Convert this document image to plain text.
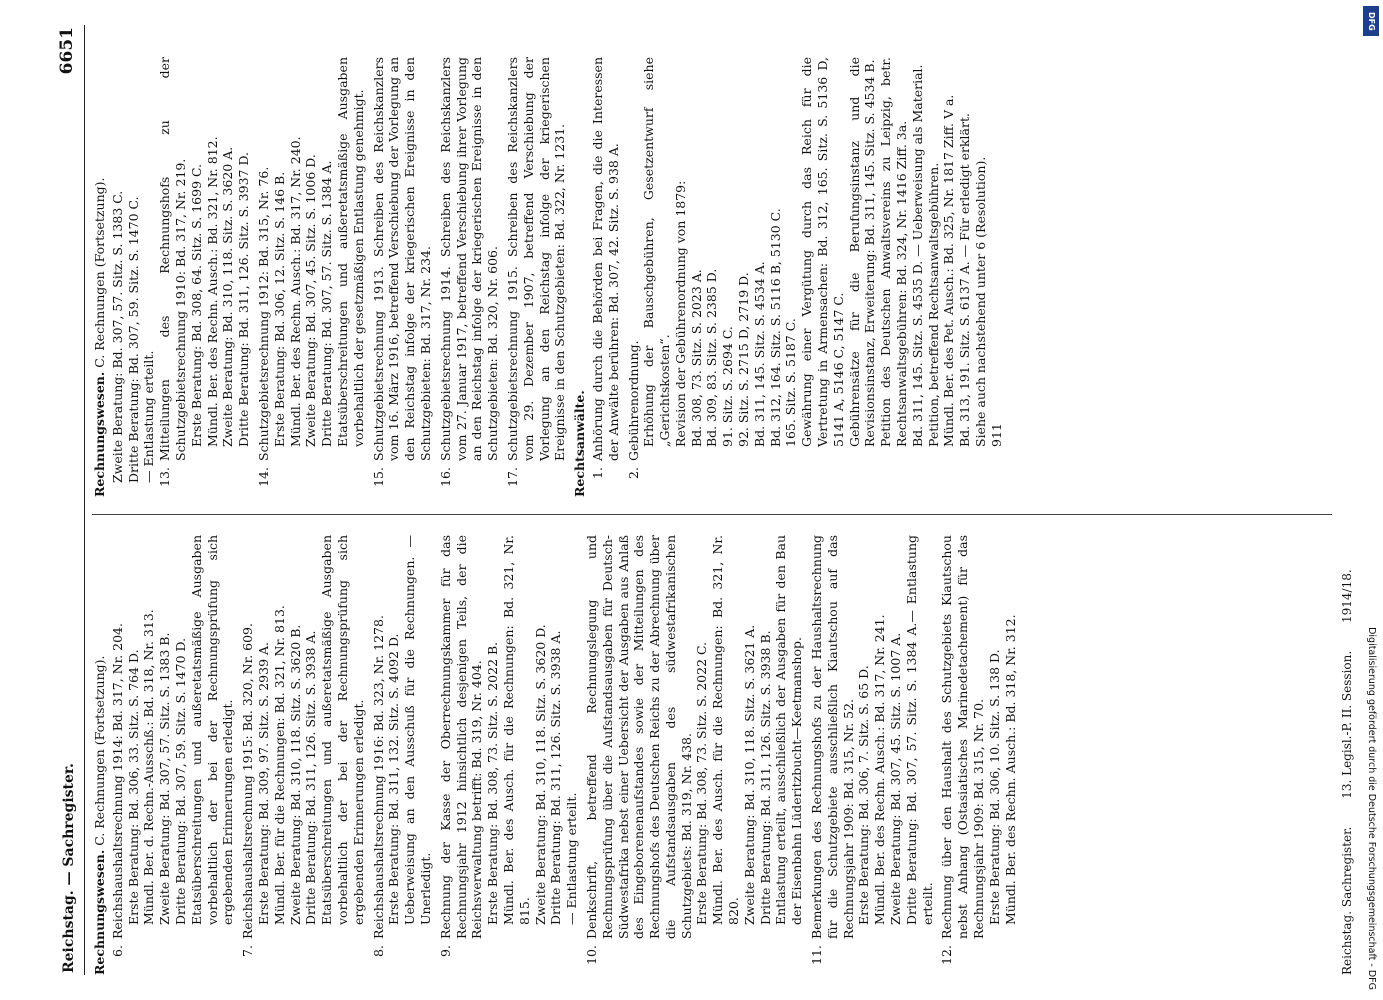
Reichstag. — Sachregister.
6651
Rechnungswesen. C. Rechnungen (Fortsetzung).
6.
Reichshaushaltsrechnung 1914: Bd. 317, Nr. 204. Erste Beratung: Bd. 306, 33. Sitz. S. 764 D. Mündl. Ber. d. Rechn.-Ausschß.: Bd. 318, Nr. 313. Zweite Beratung: Bd. 307, 57. Sitz. S. 1383 B. Dritte Beratung: Bd. 307, 59. Sitz. S. 1470 D. Etatsüberschreitungen und außeretatsmäßige Ausgaben vorbehaltlich der bei der Rechnungsprüfung sich ergebenden Erinnerungen erledigt.
7.
Reichshaushaltsrechnung 1915: Bd. 320, Nr. 609. Erste Beratung: Bd. 309, 97. Sitz. S. 2939 A. Mündl. Ber. für die Rechnungen: Bd. 321, Nr. 813. Zweite Beratung: Bd. 310, 118. Sitz. S. 3620 B. Dritte Beratung: Bd. 311, 126. Sitz. S. 3938 A. Etatsüberschreitungen und außeretatsmäßige Ausgaben vorbehaltlich der bei der Rechnungsprüfung sich ergebenden Erinnerungen erledigt.
8.
Reichshaushaltsrechnung 1916: Bd. 323, Nr. 1278. Erste Beratung: Bd. 311, 132. Sitz. S. 4092 D. Ueberweisung an den Ausschuß für die Rechnungen. — Unerledigt.
9.
Rechnung der Kasse der Oberrechnungskammer für das Rechnungsjahr 1912 hinsichtlich desjenigen Teils, der die Reichsverwaltung betrifft: Bd. 319, Nr. 404. Erste Beratung: Bd. 308, 73. Sitz. S. 2022 B. Mündl. Ber. des Ausch. für die Rechnungen: Bd. 321, Nr. 815. Zweite Beratung: Bd. 310, 118. Sitz. S. 3620 D. Dritte Beratung: Bd. 311, 126. Sitz. S. 3938 A. — Entlastung erteilt.
10.
Denkschrift, betreffend Rechnungslegung und Rechnungsprüfung über die Aufstandsausgaben für Deutsch-Südwestafrika nebst einer Uebersicht der Ausgaben aus Anlaß des Eingeborenenaufstandes sowie der Mitteilungen des Rechnungshofs des Deutschen Reichs zu der Abrechnung über die Aufstandsausgaben des südwestafrikanischen Schutzgebiets: Bd. 319, Nr. 438. Erste Beratung: Bd. 308, 73. Sitz. S. 2022 C. Mündl. Ber. des Ausch. für die Rechnungen: Bd. 321, Nr. 820. Zweite Beratung: Bd. 310, 118. Sitz. S. 3621 A. Dritte Beratung: Bd. 311, 126. Sitz. S. 3938 B. Entlastung erteilt, ausschließlich der Ausgaben für den Bau der Eisenbahn Lüderitzbucht—Keetmanshop.
11.
Bemerkungen des Rechnungshofs zu der Haushaltsrechnung für die Schutzgebiete ausschließlich Kiautschou auf das Rechnungsjahr 1909: Bd. 315, Nr. 52. Erste Beratung: Bd. 306, 7. Sitz. S. 65 D. Mündl. Ber. des Rechn. Ausch.: Bd. 317, Nr. 241. Zweite Beratung: Bd. 307, 45. Sitz. S. 1007 A. Dritte Beratung: Bd. 307, 57. Sitz. S. 1384 A.— Entlastung erteilt.
12.
Rechnung über den Haushalt des Schutzgebiets Kiautschou nebst Anhang (Ostasiatisches Marinedetachement) für das Rechnungsjahr 1909: Bd. 315, Nr. 70. Erste Beratung: Bd. 306, 10. Sitz. S. 138 D. Mündl. Ber. des Rechn. Ausch.: Bd. 318, Nr. 312.
Rechnungswesen. C. Rechnungen (Fortsetzung). Zweite Beratung: Bd. 307, 57. Sitz. S. 1383 C. Dritte Beratung: Bd. 307, 59. Sitz. S. 1470 C. — Entlastung erteilt. 13.
Mitteilungen des Rechnungshofs zu der Schutzgebietsrechnung 1910: Bd. 317, Nr. 219. Erste Beratung: Bd. 308, 64. Sitz. S. 1699 C. Mündl. Ber. des Rechn. Ausch.: Bd. 321, Nr. 812. Zweite Beratung: Bd. 310, 118. Sitz. S. 3620 A. Dritte Beratung: Bd. 311, 126. Sitz. S. 3937 D.
14.
Schutzgebietsrechnung 1912: Bd. 315, Nr. 76. Erste Beratung: Bd. 306, 12. Sitz. S. 146 B. Mündl. Ber. des Rechn. Ausch.: Bd. 317, Nr. 240. Zweite Beratung: Bd. 307, 45. Sitz. S. 1006 D. Dritte Beratung: Bd. 307, 57. Sitz. S. 1384 A. Etatsüberschreitungen und außeretatsmäßige Ausgaben vorbehaltlich der gesetzmäßigen Entlastung genehmigt.
15.
Schutzgebietsrechnung 1913. Schreiben des Reichskanzlers vom 16. März 1916, betreffend Verschiebung der Vorlegung an den Reichstag infolge der kriegerischen Ereignisse in den Schutzgebieten: Bd. 317, Nr. 234.
16.
Schutzgebietsrechnung 1914. Schreiben des Reichskanzlers vom 27. Januar 1917, betreffend Verschiebung ihrer Vorlegung an den Reichstag infolge der kriegerischen Ereignisse in den Schutzgebieten: Bd. 320, Nr. 606.
17.
Schutzgebietsrechnung 1915. Schreiben des Reichskanzlers vom 29. Dezember 1907, betreffend Verschiebung der Vorlegung an den Reichstag infolge der kriegerischen Ereignisse in den Schutzgebieten: Bd. 322, Nr. 1231. Rechtsanwälte. 1.
Anhörung durch die Behörden bei Fragen, die die Interessen der Anwälte berühren: Bd. 307, 42. Sitz. S. 938 A.
2.
Gebührenordnung. Erhöhung der Bauschgebühren, Gesetzentwurf siehe „Gerichtskosten“. Revision der Gebührenordnung von 1879: Bd. 308, 73. Sitz. S. 2023 A. Bd. 309, 83. Sitz. S. 2385 D. 91. Sitz. S. 2694 C. 92. Sitz. S. 2715 D, 2719 D. Bd. 311, 145. Sitz. S. 4534 A. Bd. 312, 164. Sitz. S. 5116 B, 5130 C. 165. Sitz. S. 5187 C. Gewährung einer Vergütung durch das Reich für die Vertretung in Armensachen: Bd. 312, 165. Sitz. S. 5136 D, 5141 A, 5146 C, 5147 C. Gebührensätze für die Berufungsinstanz und die Revisionsinstanz, Erweiterung: Bd. 311, 145. Sitz. S. 4534 B. Petition des Deutschen Anwaltsvereins zu Leipzig, betr. Rechtsanwaltsgebühren: Bd. 324, Nr. 1416 Ziff. 3a. Bd. 311, 145. Sitz. S. 4535 D. — Ueberweisung als Material. Petition, betreffend Rechtsanwaltsgebühren. Mündl. Ber. des Pet. Ausch.: Bd. 325, Nr. 1817 Ziff. V a. Bd. 313, 191. Sitz. S. 6137 A. — Für erledigt erklärt. Siehe auch nachstehend unter 6 (Resolution). 911
Reichstag. Sachregister. 13. Legisl.-P. II. Session. 1914/18.
DFG
Digitalisierung gefördert durch die Deutsche Forschungsgemeinschaft - DFG
